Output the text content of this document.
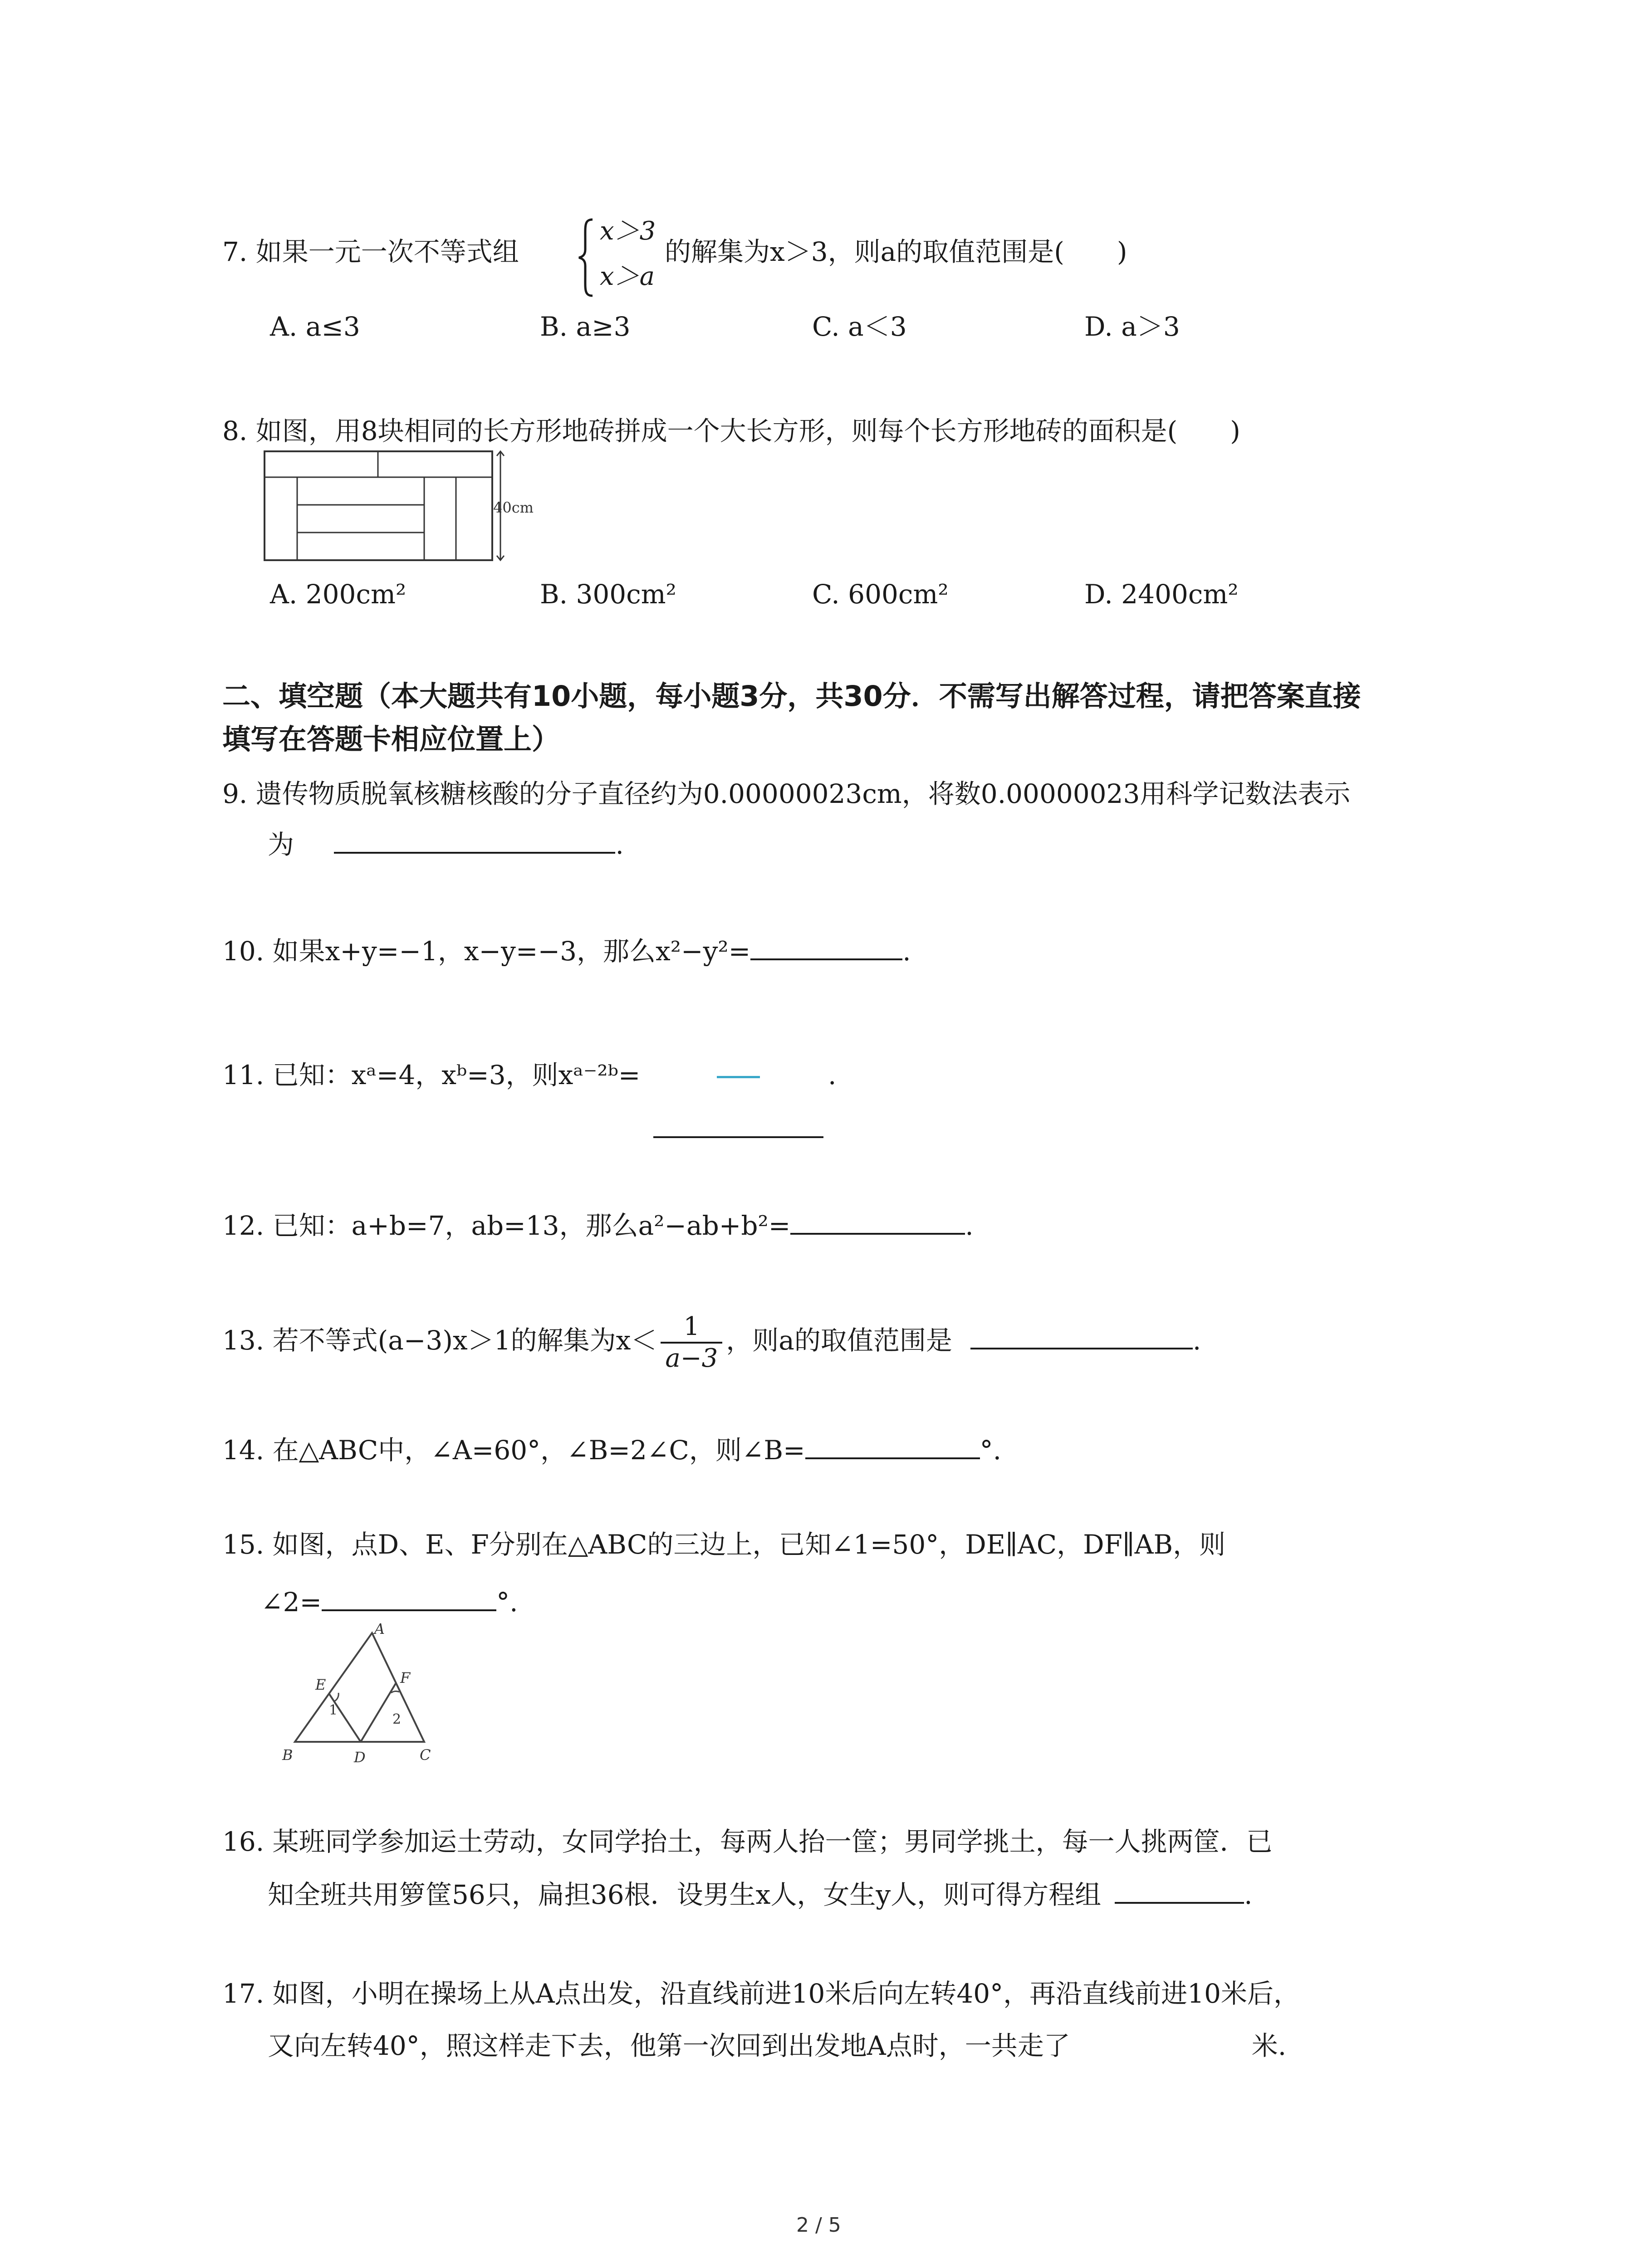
7. 如果一元一次不等式组
x＞3
x＞a
的解集为x＞3，则a的取值范围是(　　)
A. a≤3	B. a≥3	C. a＜3	D. a＞3
8. 如图，用8块相同的长方形地砖拼成一个大长方形，则每个长方形地砖的面积是(　　)
40cm
A. 200cm²	B. 300cm²	C. 600cm²	D. 2400cm²
二、填空题（本大题共有10小题，每小题3分，共30分．不需写出解答过程，请把答案直接
填写在答题卡相应位置上）
9. 遗传物质脱氧核糖核酸的分子直径约为0.00000023cm，将数0.00000023用科学记数法表示
为	.
10. 如果x+y=−1，x−y=−3，那么x²−y²=	.
11. 已知：xᵃ=4，xᵇ=3，则xᵃ⁻²ᵇ=	.
12. 已知：a+b=7，ab=13，那么a²−ab+b²=	.
13. 若不等式(a−3)x＞1的解集为$x< \frac{1}{a-3}$ ，则a的取值范围是	.
14. 在△ABC中，∠A=60°，∠B=2∠C，则∠B=	°.
15. 如图，点D、E、F分别在△ABC的三边上，已知∠1=50°，DE∥AC，DF∥AB，则
∠2=	°.
A
B	C
D
E	F
1
2
16. 某班同学参加运土劳动，女同学抬土，每两人抬一筐；男同学挑土，每一人挑两筐．已
知全班共用箩筐56只，扁担36根．设男生x人，女生y人，则可得方程组	.
17. 如图，小明在操场上从A点出发，沿直线前进10米后向左转40°，再沿直线前进10米后，
又向左转40°，照这样走下去，他第一次回到出发地A点时，一共走了	米.
2 / 5
